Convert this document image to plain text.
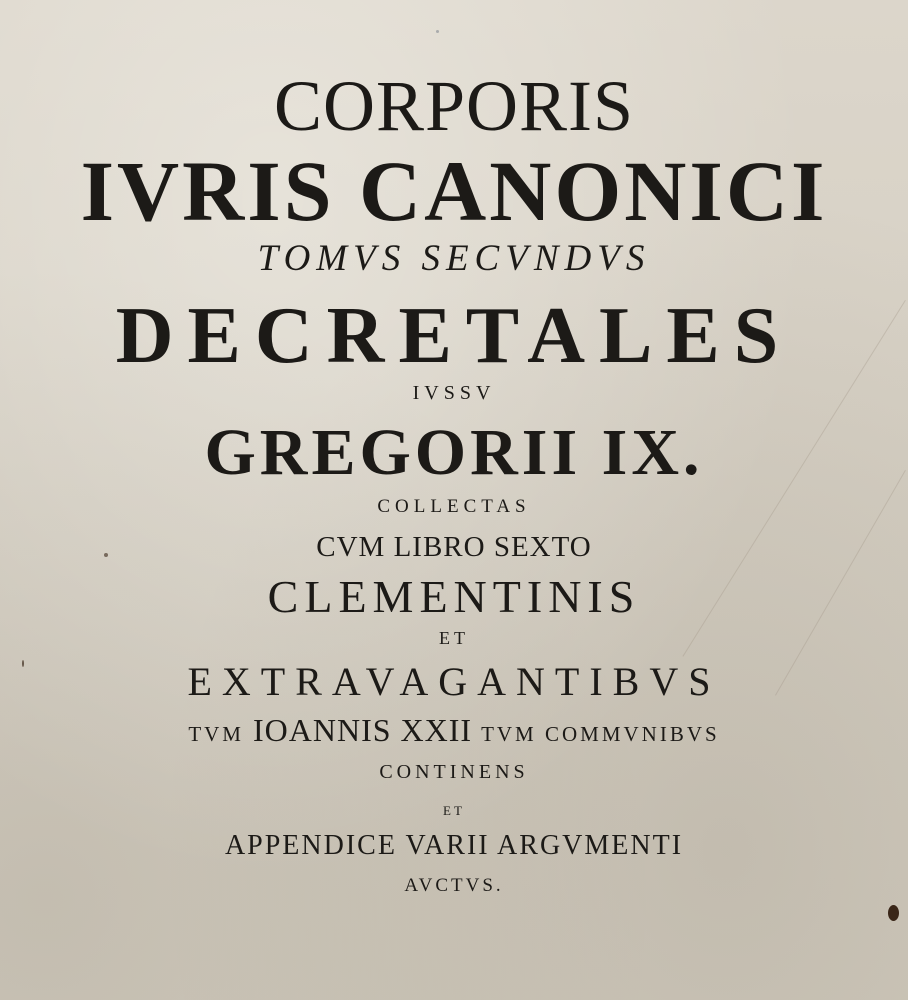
CORPORIS
IVRIS CANONICI
TOMVS SECVNDVS
DECRETALES
IVSSV
GREGORII IX.
COLLECTAS
CVM LIBRO SEXTO
CLEMENTINIS
ET
EXTRAVAGANTIBVS
TVM IOANNIS XXII TVM COMMVNIBVS
CONTINENS
ET
APPENDICE VARII ARGVMENTI
AVCTVS.
